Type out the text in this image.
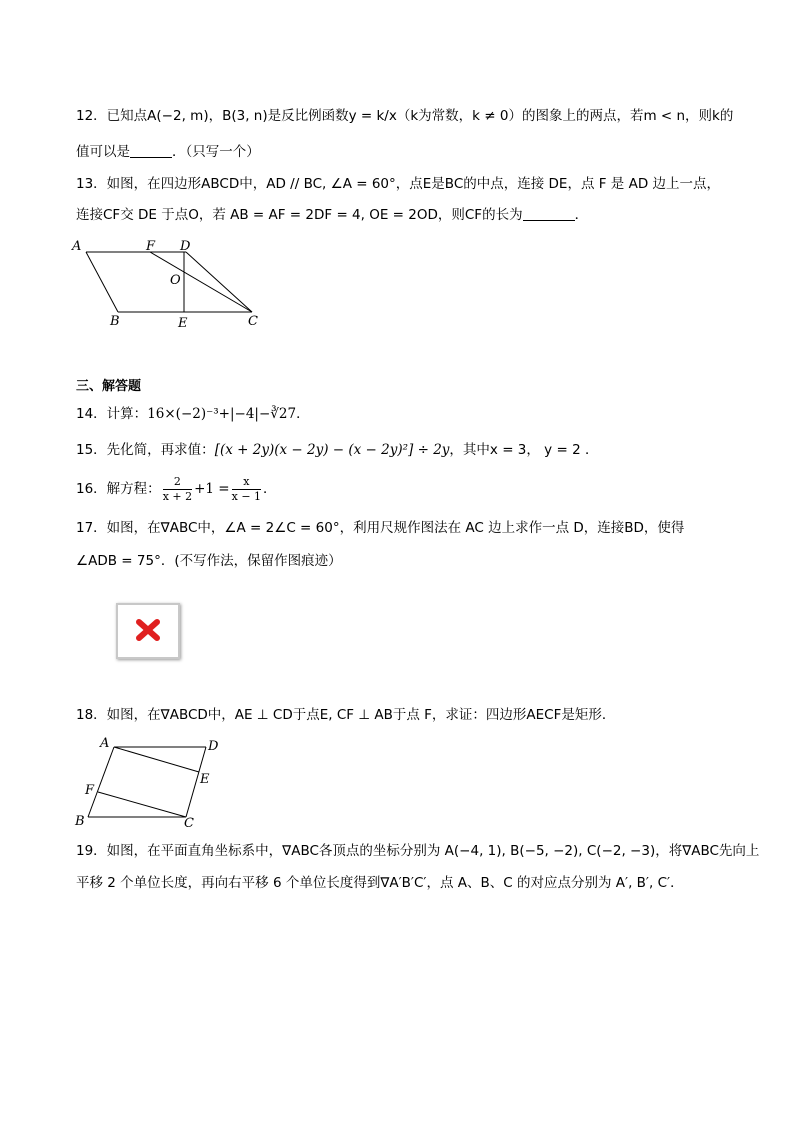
12．已知点A(−2, m)，B(3, n)是反比例函数y = k/x（k为常数，k ≠ 0）的图象上的两点，若m < n，则k的
值可以是	．（只写一个）
13．如图，在四边形ABCD中，AD // BC, ∠A = 60°，点E是BC的中点，连接 DE，点 F 是 AD 边上一点，
连接CF交 DE 于点O，若 AB = AF = 2DF = 4, OE = 2OD，则CF的长为	．
A	F D
O
B	E	C
三、解答题
14．计算：16×(−2)⁻³+|−4|−∛27．
15．先化简，再求值：[(x + 2y)(x − 2y) − (x − 2y)²] ÷ 2y，其中x = 3， y = 2 ．
16．解方程： $\frac{2}{x + 2} +1 = \frac{x}{x - 1}$ ．
17．如图，在∇ABC中，∠A = 2∠C = 60°，利用尺规作图法在 AC 边上求作一点 D，连接BD，使得
∠ADB = 75°．(不写作法，保留作图痕迹）
18．如图，在∇ABCD中，AE ⊥ CD于点E, CF ⊥ AB于点 F，求证：四边形AECF是矩形．
A	D
E
F
B	C
19．如图，在平面直角坐标系中，∇ABC各顶点的坐标分别为 A(−4, 1), B(−5, −2), C(−2, −3)，将∇ABC先向上
平移 2 个单位长度，再向右平移 6 个单位长度得到∇A′B′C′，点 A、B、C 的对应点分别为 A′, B′, C′．
